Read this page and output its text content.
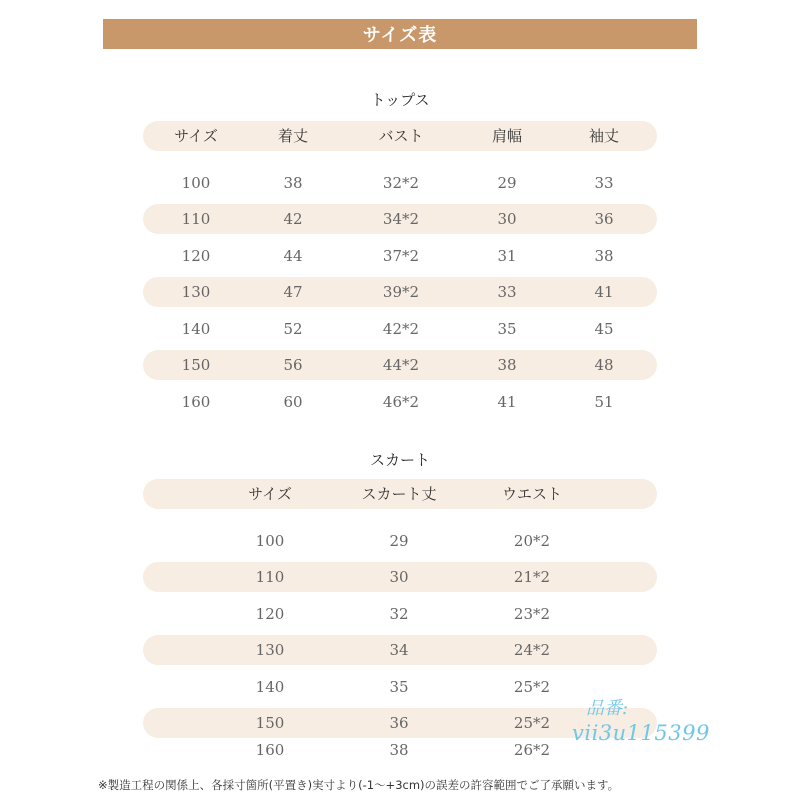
サイズ表
トップス
サイズ	着丈	バスト	肩幅	袖丈
100	38	32*2	29	33
110	42	34*2	30	36
120	44	37*2	31	38
130	47	39*2	33	41
140	52	42*2	35	45
150	56	44*2	38	48
160	60	46*2	41	51
スカート
サイズ	スカート丈	ウエスト
100	29	20*2
110	30	21*2
120	32	23*2
130	34	24*2
140	35	25*2
150	36	25*2
160	38	26*2
※製造工程の関係上、各採寸箇所(平置き)実寸より(-1〜+3cm)の誤差の許容範囲でご了承願います。
品番:
vii3u115399
